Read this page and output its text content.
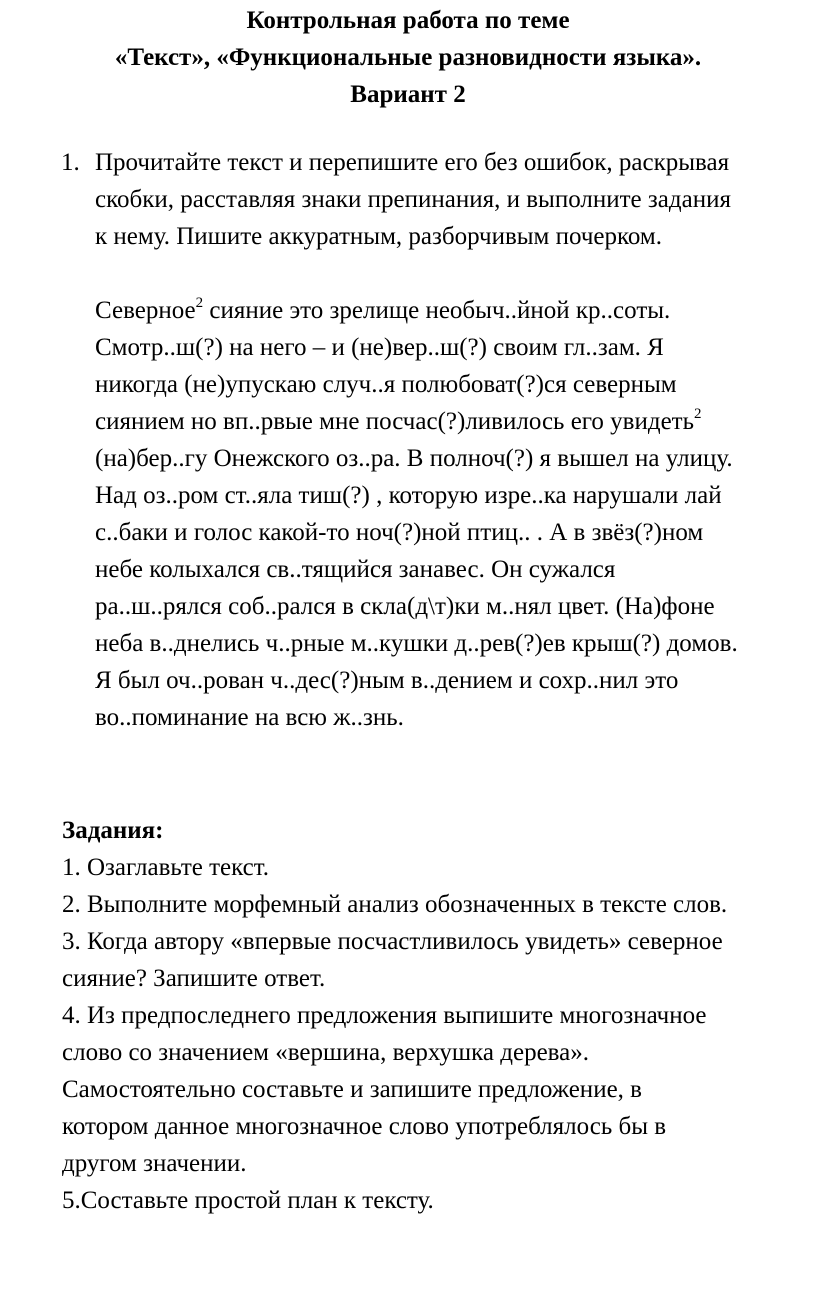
Контрольная работа по теме
«Текст», «Функциональные разновидности языка».
Вариант 2
1. Прочитайте текст и перепишите его без ошибок, раскрывая
скобки, расставляя знаки препинания, и выполните задания
к нему. Пишите аккуратным, разборчивым почерком.
Северное$^2$ сияние это зрелище необыч..йной кр..соты.
Смотр..ш(?) на него – и (не)вер..ш(?) своим гл..зам. Я
никогда (не)упускаю случ..я полюбоват(?)ся северным
сиянием но вп..рвые мне посчас(?)ливилось его увидеть$^2$
(на)бер..гу Онежского оз..ра. В полноч(?) я вышел на улицу.
Над оз..ром ст..яла тиш(?) , которую изре..ка нарушали лай
с..баки и голос какой-то ноч(?)ной птиц.. . А в звёз(?)ном
небе колыхался св..тящийся занавес. Он сужался
ра..ш..рялся соб..рался в скла(д\т)ки м..нял цвет. (На)фоне
неба в..днелись ч..рные м..кушки д..рев(?)ев крыш(?) домов.
Я был оч..рован ч..дес(?)ным в..дением и сохр..нил это
во..поминание на всю ж..знь.
Задания:
1. Озаглавьте текст.
2. Выполните морфемный анализ обозначенных в тексте слов.
3. Когда автору «впервые посчастливилось увидеть» северное
сияние? Запишите ответ.
4. Из предпоследнего предложения выпишите многозначное
слово со значением «вершина, верхушка дерева».
Самостоятельно составьте и запишите предложение, в
котором данное многозначное слово употреблялось бы в
другом значении.
5.Составьте простой план к тексту.
